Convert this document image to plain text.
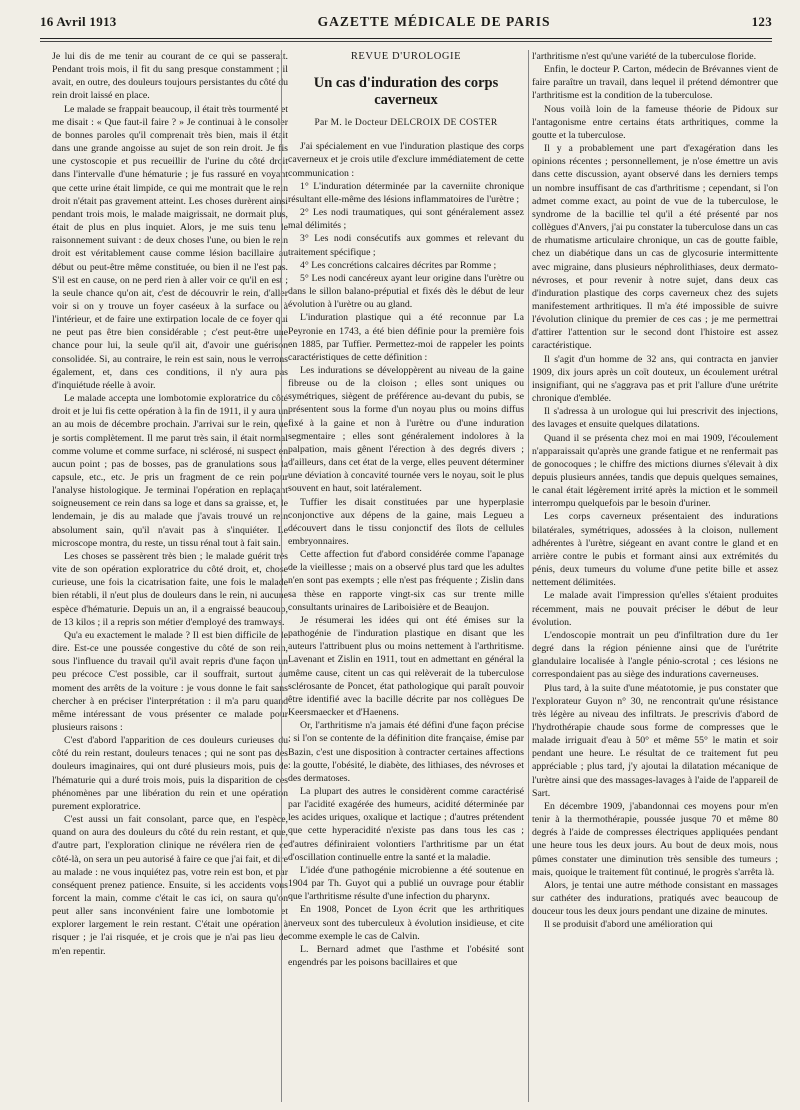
16 Avril 1913	GAZETTE MÉDICALE DE PARIS	123

Je lui dis de me tenir au courant de ce qui se passerait. Pendant trois mois, il fit du sang presque constamment ; il avait, en outre, des douleurs toujours persistantes du côté du rein droit laissé en place.

Le malade se frappait beaucoup, il était très tourmenté et me disait : « Que faut-il faire ? » Je continuai à le consoler de bonnes paroles qu'il comprenait très bien, mais il était dans une grande angoisse au sujet de son rein droit. Je fis une cystoscopie et pus recueillir de l'urine du côté droit dans l'intervalle d'une hématurie ; je fus rassuré en voyant que cette urine était limpide, ce qui me montrait que le rein droit n'était pas gravement atteint. Les choses durèrent ainsi pendant trois mois, le malade maigrissait, ne dormait plus, était de plus en plus inquiet. Alors, je me suis tenu le raisonnement suivant : de deux choses l'une, ou bien le rein droit est véritablement cause comme lésion bacillaire au début ou peut-être même constituée, ou bien il ne l'est pas. S'il est en cause, on ne perd rien à aller voir ce qu'il en est ; la seule chance qu'on ait, c'est de découvrir le rein, d'aller voir si on y trouve un foyer caséeux à la surface ou à l'intérieur, et de faire une extirpation locale de ce foyer qui ne peut pas être bien considérable ; c'est peut-être une chance pour lui, la seule qu'il ait, d'avoir une guérison consolidée. Si, au contraire, le rein est sain, nous le verrons également, et, dans ces conditions, il n'y aura pas d'inquiétude réelle à avoir.

Le malade accepta une lombotomie exploratrice du côté droit et je lui fis cette opération à la fin de 1911, il y aura un an au mois de décembre prochain. J'arrivai sur le rein, que je sortis complètement. Il me parut très sain, il était normal comme volume et comme surface, ni sclérosé, ni suspect en aucun point ; pas de bosses, pas de granulations sous la capsule, etc., etc. Je pris un fragment de ce rein pour l'analyse histologique. Je terminai l'opération en replaçant soigneusement ce rein dans sa loge et dans sa graisse, et, le lendemain, je dis au malade que j'avais trouvé un rein absolument sain, qu'il n'avait pas à s'inquiéter. Le microscope montra, du reste, un tissu rénal tout à fait sain.

Les choses se passèrent très bien ; le malade guérit très vite de son opération exploratrice du côté droit, et, chose curieuse, une fois la cicatrisation faite, une fois le malade bien rétabli, il n'eut plus de douleurs dans le rein, ni aucune espèce d'hématurie. Depuis un an, il a engraissé beaucoup, de 13 kilos ; il a repris son métier d'employé des tramways.

Qu'a eu exactement le malade ? Il est bien difficile de le dire. Est-ce une poussée congestive du côté de son rein, sous l'influence du travail qu'il avait repris d'une façon un peu précoce C'est possible, car il souffrait, surtout au moment des arrêts de la voiture : je vous donne le fait sans chercher à en préciser l'interprétation : il m'a paru quand même intéressant de vous présenter ce malade pour plusieurs raisons :

C'est d'abord l'apparition de ces douleurs curieuses du côté du rein restant, douleurs tenaces ; qui ne sont pas des douleurs imaginaires, qui ont duré plusieurs mois, puis de l'hématurie qui a duré trois mois, puis la disparition de ces phénomènes par une libération du rein et une opération purement exploratrice.

C'est aussi un fait consolant, parce que, en l'espèce, quand on aura des douleurs du côté du rein restant, et que, d'autre part, l'exploration clinique ne révélera rien de ce côté-là, on sera un peu autorisé à faire ce que j'ai fait, et dire au malade : ne vous inquiétez pas, votre rein est bon, et par conséquent prenez patience. Ensuite, si les accidents vous forcent la main, comme c'était le cas ici, on saura qu'on peut aller sans inconvénient faire une lombotomie et explorer largement le rein restant. C'était une opération à risquer ; je l'ai risquée, et je crois que je n'ai pas lieu de m'en repentir.

REVUE D'UROLOGIE
Un cas d'induration des corps caverneux
Par M. le Docteur DELCROIX DE COSTER

J'ai spécialement en vue l'induration plastique des corps caverneux et je crois utile d'exclure immédiatement de cette communication :

1° L'induration déterminée par la caverniite chronique résultant elle-même des lésions inflammatoires de l'urètre ;

2° Les nodi traumatiques, qui sont généralement assez mal délimités ;

3° Les nodi consécutifs aux gommes et relevant du traitement spécifique ;

4° Les concrétions calcaires décrites par Romme ;

5° Les nodi cancéreux ayant leur origine dans l'urètre ou dans le sillon balano-préputial et fixés dès le début de leur évolution à l'urètre ou au gland.

L'induration plastique qui a été reconnue par La Peyronie en 1743, a été bien définie pour la première fois en 1885, par Tuffier. Permettez-moi de rappeler les points caractéristiques de cette définition :

Les indurations se développèrent au niveau de la gaine fibreuse ou de la cloison ; elles sont uniques ou symétriques, siègent de préférence au-devant du pubis, se présentent sous la forme d'un noyau plus ou moins diffus fixé à la gaine et non à l'urètre ou d'une induration segmentaire ; elles sont généralement indolores à la palpation, mais gênent l'érection à des degrés divers ; d'ailleurs, dans cet état de la verge, elles peuvent déterminer une déviation à concavité tournée vers le noyau, soit le plus souvent en haut, soit latéralement.

Tuffier les disait constituées par une hyperplasie conjonctive aux dépens de la gaine, mais Legueu a découvert dans le tissu conjonctif des îlots de cellules embryonnaires.

Cette affection fut d'abord considérée comme l'apanage de la vieillesse ; mais on a observé plus tard que les adultes n'en sont pas exempts ; elle n'est pas fréquente ; Zislin dans sa thèse en rapporte vingt-six cas sur trente mille consultants urinaires de Lariboisière et de Beaujon.

Je résumerai les idées qui ont été émises sur la pathogénie de l'induration plastique en disant que les auteurs l'attribuent plus ou moins nettement à l'arthritisme. Lavenant et Zislin en 1911, tout en admettant en général la même cause, citent un cas qui relèverait de la tuberculose sclérosante de Poncet, état pathologique qui paraît pouvoir être identifié avec la bacille décrite par nos collègues De Keersmaecker et d'Haenens.

Or, l'arthritisme n'a jamais été défini d'une façon précise ; si l'on se contente de la définition dite française, émise par Bazin, c'est une disposition à contracter certaines affections : la goutte, l'obésité, le diabète, des lithiases, des névroses et des dermatoses.

La plupart des autres le considèrent comme caractérisé par l'acidité exagérée des humeurs, acidité déterminée par les acides uriques, oxalique et lactique ; d'autres prétendent que cette hyperacidité n'existe pas dans tous les cas ; d'autres définiraient volontiers l'arthritisme par un état d'oscillation continuelle entre la santé et la maladie.

L'idée d'une pathogénie microbienne a été soutenue en 1904 par Th. Guyot qui a publié un ouvrage pour établir que l'arthritisme résulte d'une infection du pharynx.

En 1908, Poncet de Lyon écrit que les arthritiques nerveux sont des tuberculeux à évolution insidieuse, et cite comme exemple le cas de Calvin.

L. Bernard admet que l'asthme et l'obésité sont engendrés par les poisons bacillaires et que

l'arthritisme n'est qu'une variété de la tuberculose floride.

Enfin, le docteur P. Carton, médecin de Brévannes vient de faire paraître un travail, dans lequel il prétend démontrer que l'arthritisme est la condition de la tuberculose.

Nous voilà loin de la fameuse théorie de Pidoux sur l'antagonisme entre certains états arthritiques, comme la goutte et la tuberculose.

Il y a probablement une part d'exagération dans les opinions récentes ; personnellement, je n'ose émettre un avis dans cette discussion, ayant observé dans les derniers temps un nombre insuffisant de cas d'arthritisme ; cependant, si l'on admet comme exact, au point de vue de la tuberculose, le syndrome de la bacillie tel qu'il a été présenté par nos collègues d'Anvers, j'ai pu constater la tuberculose dans un cas de rhumatisme articulaire chronique, un cas de goutte faible, chez un diabétique dans un cas de glycosurie intermittente avec migraine, dans plusieurs néphrolithiases, deux dermato-névroses, et pour revenir à notre sujet, dans deux cas d'induration plastique des corps caverneux chez des sujets manifestement arthritiques. Il m'a été impossible de suivre l'évolution clinique du premier de ces cas ; je me permettrai d'attirer l'attention sur le second dont l'histoire est assez caractéristique.

Il s'agit d'un homme de 32 ans, qui contracta en janvier 1909, dix jours après un coït douteux, un écoulement urétral insignifiant, qui ne s'aggrava pas et prit l'allure d'une urétrite chronique d'emblée.

Il s'adressa à un urologue qui lui prescrivit des injections, des lavages et ensuite quelques dilatations.

Quand il se présenta chez moi en mai 1909, l'écoulement n'apparaissait qu'après une grande fatigue et ne renfermait pas de gonocoques ; le chiffre des mictions diurnes s'élevait à dix depuis plusieurs années, tandis que depuis quelques semaines, le canal était légèrement irrité après la miction et le sommeil interrompu quelquefois par le besoin d'uriner.

Les corps caverneux présentaient des indurations bilatérales, symétriques, adossées à la cloison, nullement adhérentes à l'urètre, siégeant en avant contre le gland et en arrière contre le pubis et formant ainsi aux extrémités du pénis, deux tumeurs du volume d'une petite bille et assez nettement délimitées.

Le malade avait l'impression qu'elles s'étaient produites récemment, mais ne pouvait préciser le début de leur évolution.

L'endoscopie montrait un peu d'infiltration dure du 1er degré dans la région pénienne ainsi que de l'urétrite glandulaire localisée à l'angle pénio-scrotal ; ces lésions ne correspondaient pas au siège des indurations caverneuses.

Plus tard, à la suite d'une méatotomie, je pus constater que l'explorateur Guyon n° 30, ne rencontrait qu'une résistance très légère au niveau des infiltrats. Je prescrivis d'abord de l'hydrothérapie chaude sous forme de compresses que le malade irriguait d'eau à 50° et même 55° le matin et soir pendant une heure. Le résultat de ce traitement fut peu appréciable ; plus tard, j'y ajoutai la dilatation mécanique de l'urètre ainsi que des massages-lavages à l'aide de l'appareil de Sart.

En décembre 1909, j'abandonnai ces moyens pour m'en tenir à la thermothérapie, poussée jusque 70 et même 80 degrés à l'aide de compresses électriques appliquées pendant une heure tous les deux jours. Au bout de deux mois, nous pûmes constater une diminution très sensible des tumeurs ; mais, quoique le traitement fût continué, le progrès s'arrêta là.

Alors, je tentai une autre méthode consistant en massages sur cathéter des indurations, pratiqués avec beaucoup de douceur tous les deux jours pendant une dizaine de minutes.

Il se produisit d'abord une amélioration qui
